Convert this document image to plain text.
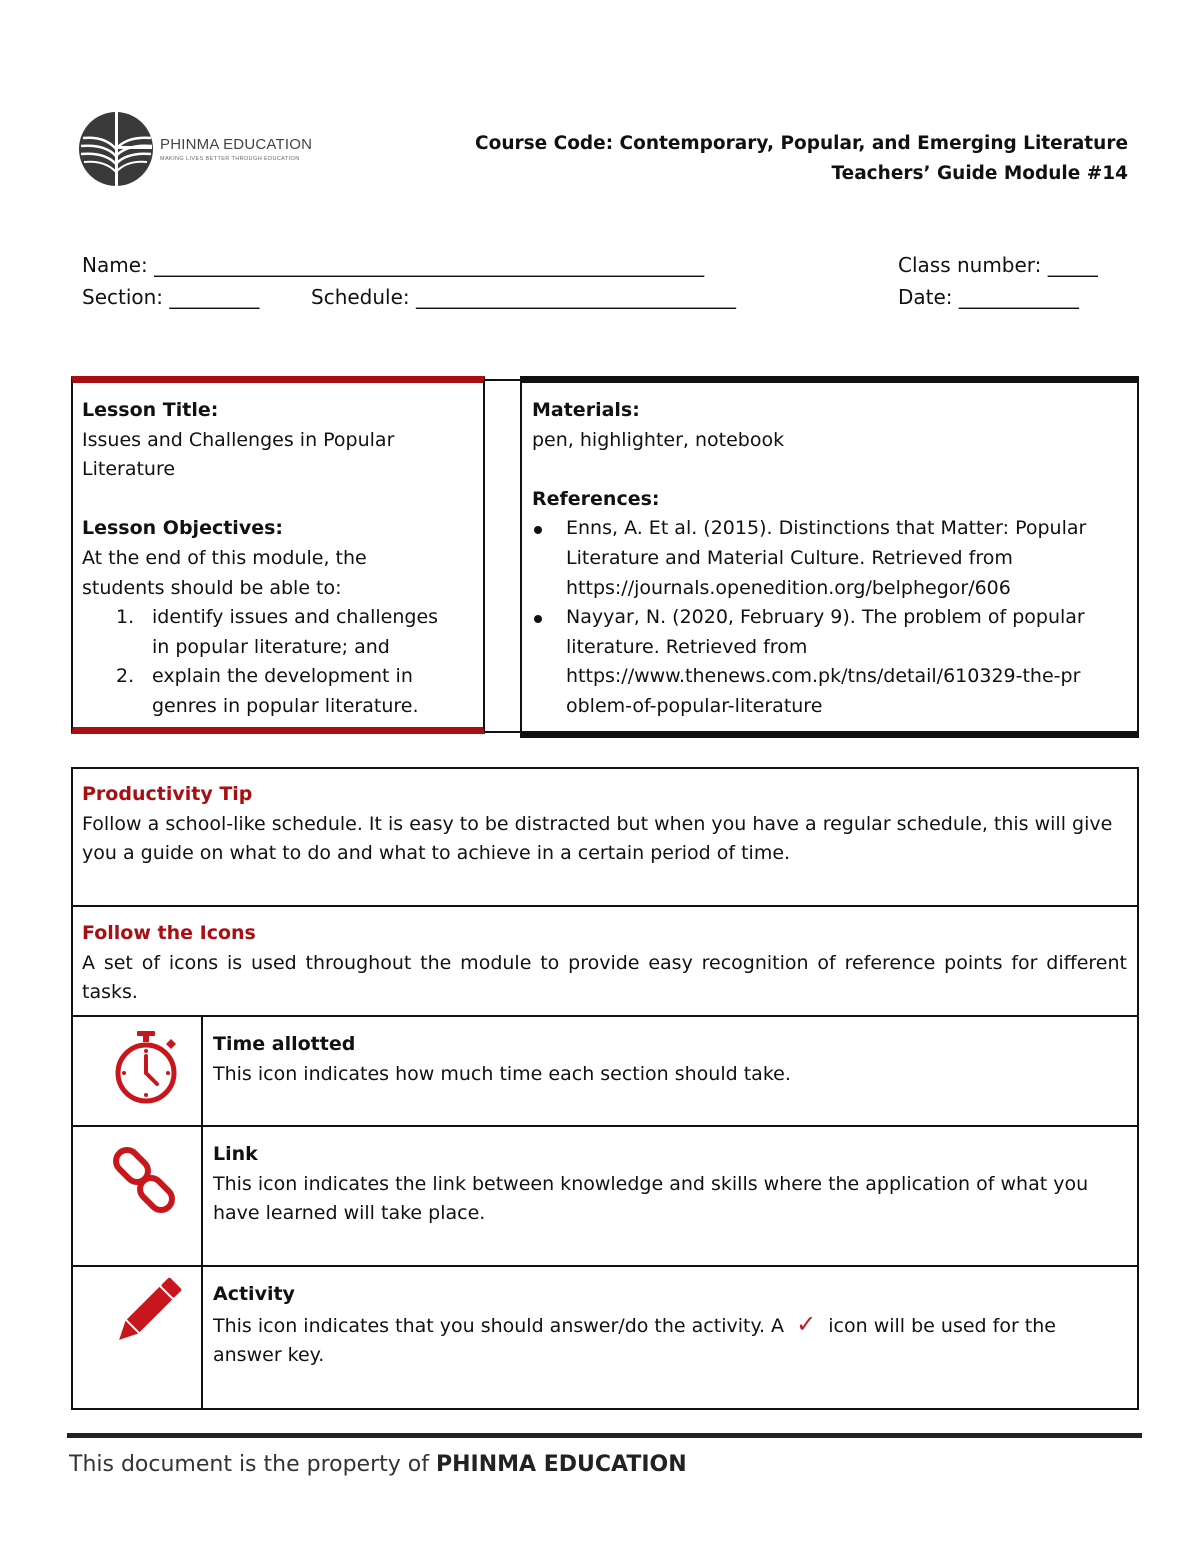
PHINMA EDUCATION
MAKING LIVES BETTER THROUGH EDUCATION
Course Code: Contemporary, Popular, and Emerging Literature
Teachers’ Guide Module #14
Name: _______________________________________________________	Class number: _____
Section: _________	Schedule: ________________________________	Date: ____________
Lesson Title:
Issues and Challenges in Popular
Literature

Lesson Objectives:
At the end of this module, the
students should be able to:
1. identify issues and challenges
in popular literature; and
2. explain the development in
genres in popular literature.
Materials:
pen, highlighter, notebook

References:
Enns, A. Et al. (2015). Distinctions that Matter: Popular
Literature and Material Culture. Retrieved from
https://journals.openedition.org/belphegor/606
Nayyar, N. (2020, February 9). The problem of popular
literature. Retrieved from
https://www.thenews.com.pk/tns/detail/610329-the-pr
oblem-of-popular-literature
Productivity Tip
Follow a school-like schedule. It is easy to be distracted but when you have a regular schedule, this will give you a guide on what to do and what to achieve in a certain period of time.
Follow the Icons
A set of icons is used throughout the module to provide easy recognition of reference points for different tasks.
Time allotted
This icon indicates how much time each section should take.
Link
This icon indicates the link between knowledge and skills where the application of what you have learned will take place.
Activity
This icon indicates that you should answer/do the activity. A ✓ icon will be used for the answer key.
This document is the property of PHINMA EDUCATION
